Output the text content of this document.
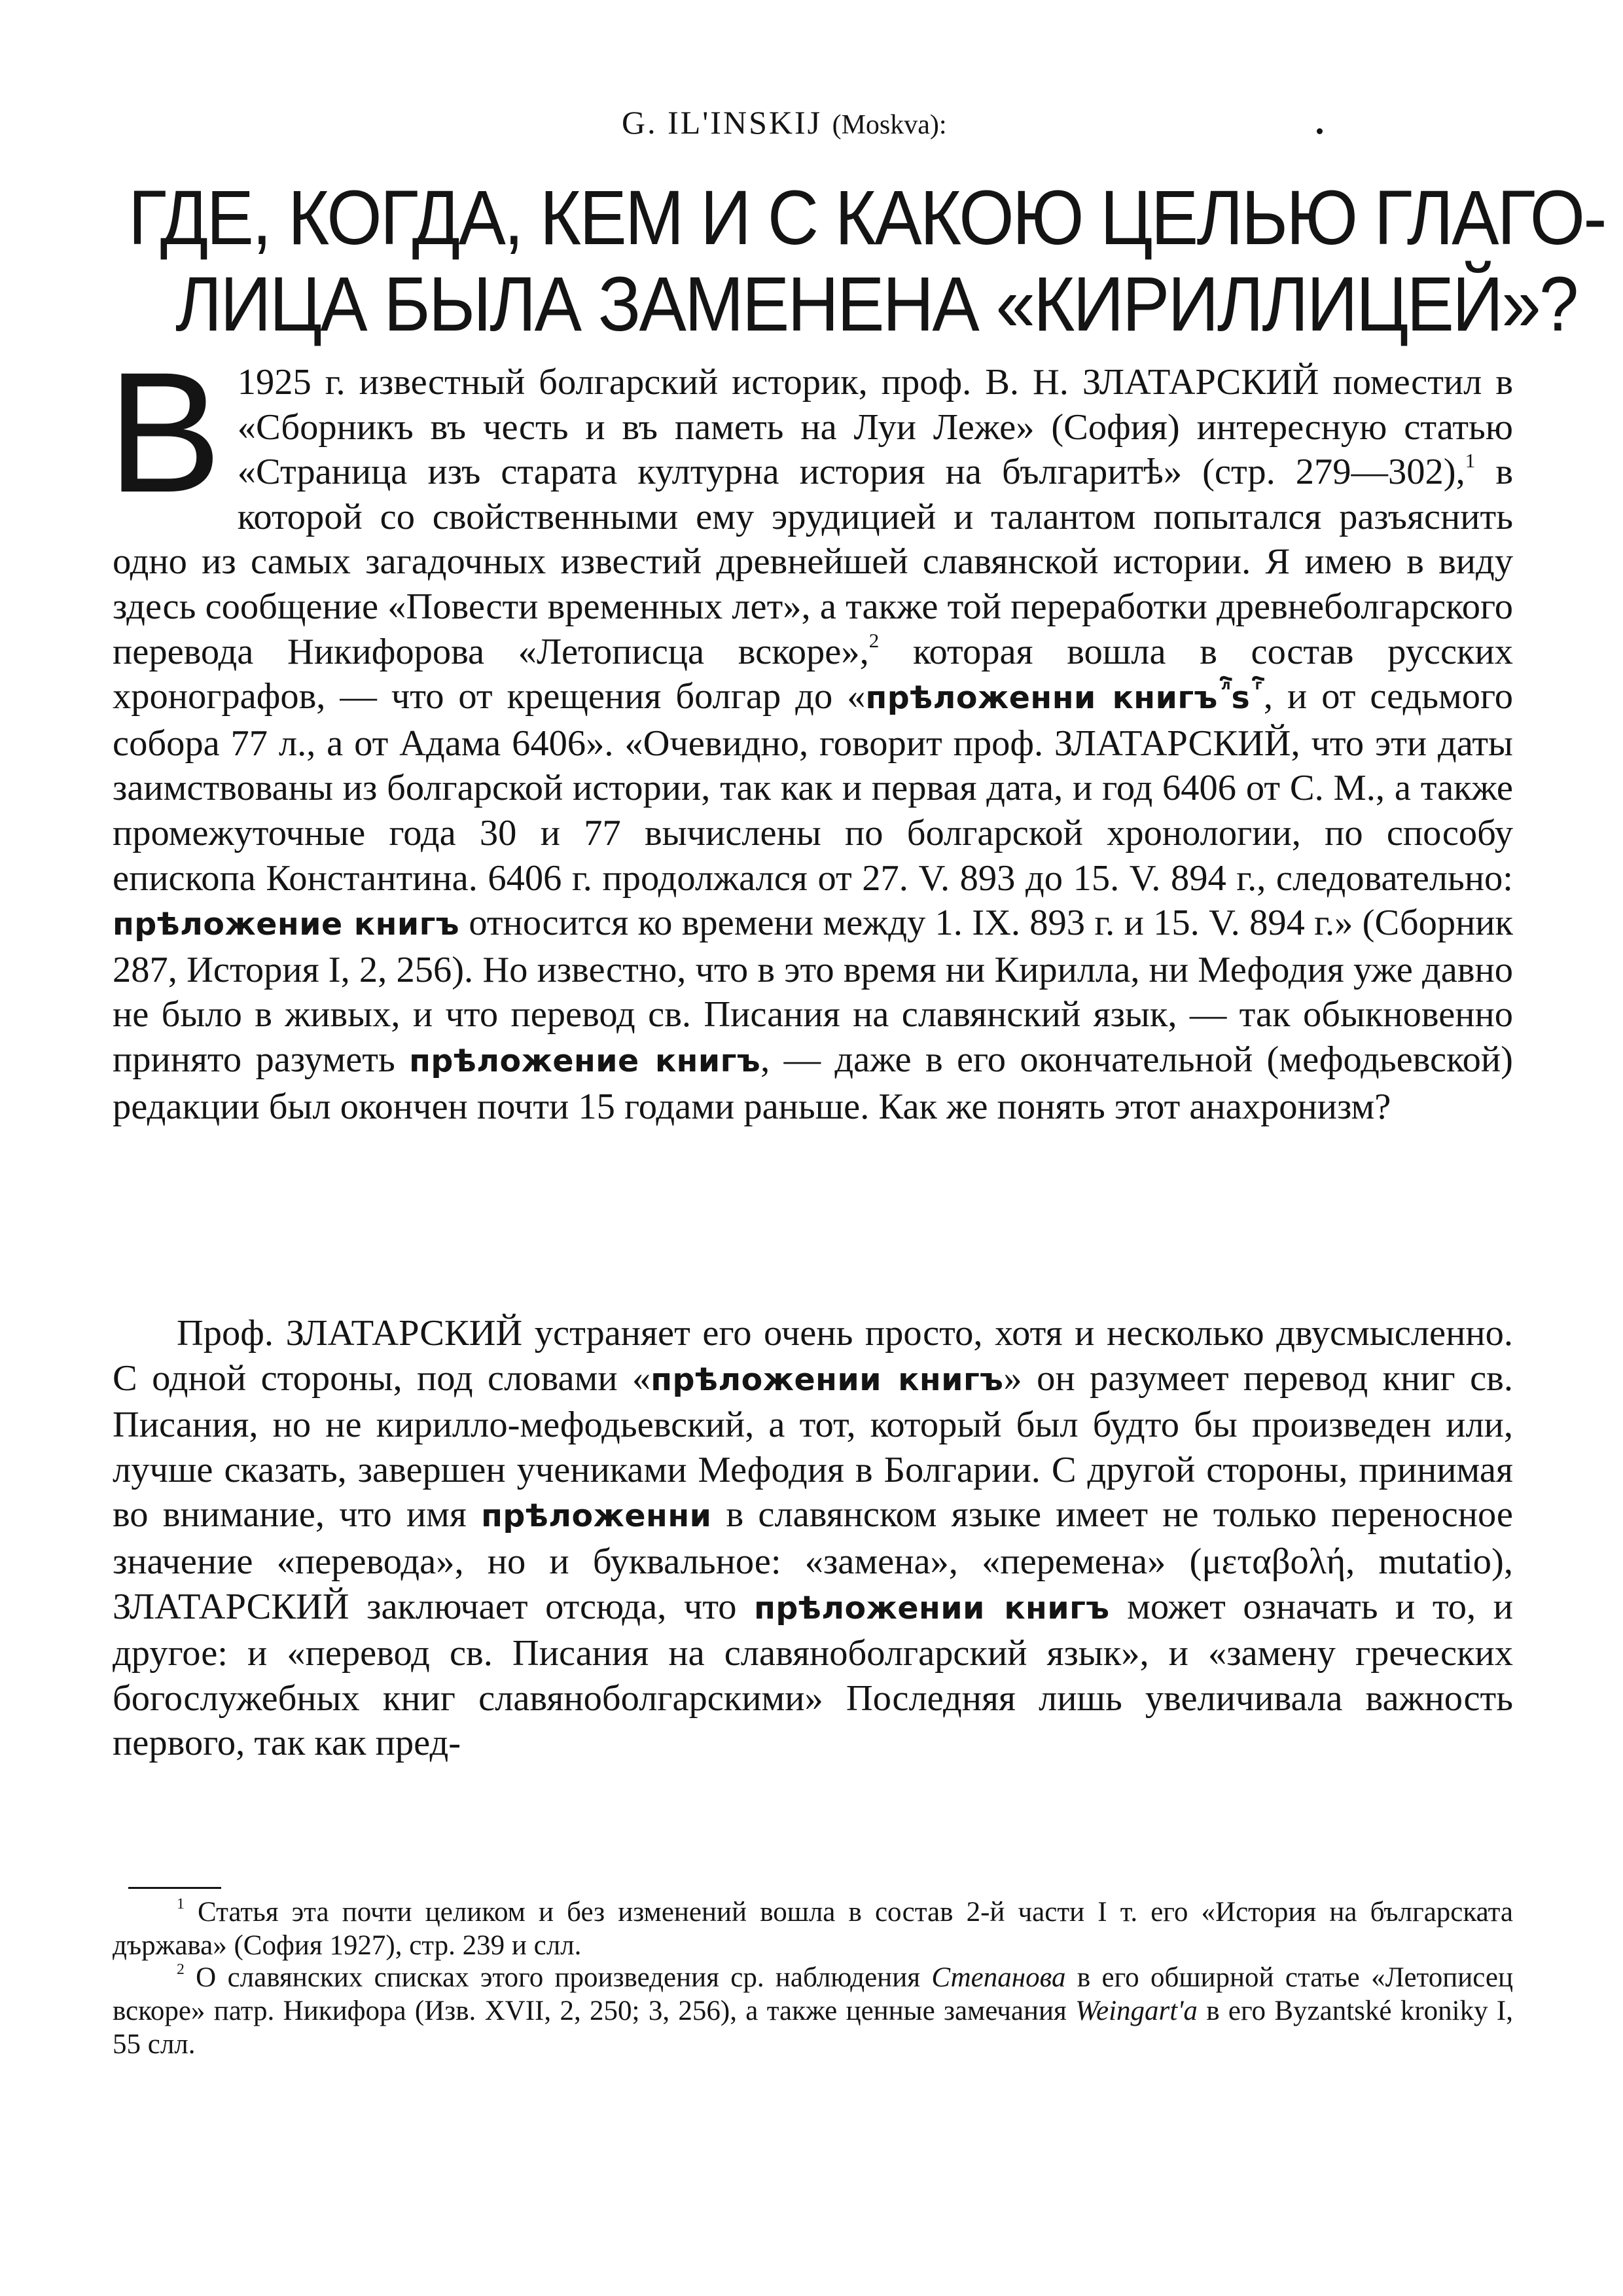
G. IL'INSKIJ (Moskva):
ГДЕ, КОГДА, КЕМ И С КАКОЮ ЦЕЛЬЮ ГЛАГО-
ЛИЦА БЫЛА ЗАМЕНЕНА «КИРИЛЛИЦЕЙ»?
В 1925 г. известный болгарский историк, проф. В. Н. ЗЛАТАРСКИЙ поместил в «Сборникъ въ честь и въ паметь на Луи Леже» (София) интересную статью «Страница изъ старата културна история на българитѣ» (стр. 279—302),$^1$ в которой со свойственными ему эрудицией и талантом попытался разъяснить одно из самых загадочных известий древнейшей славянской истории. Я имею в виду здесь сообщение «Повести временных лет», а также той переработки древнеболгарского перевода Никифорова «Летописца вскоре»,$^2$ которая вошла в состав русских хронографов, — что от крещения болгар до «прѣложенни книгъ ⷧ҇ѕ ⷢ҇, и от седьмого собора 77 л., а от Адама 6406». «Очевидно, говорит проф. ЗЛАТАРСКИЙ, что эти даты заимствованы из болгарской истории, так как и первая дата, и год 6406 от С. М., а также промежуточные года 30 и 77 вычислены по болгарской хронологии, по способу епископа Константина. 6406 г. продолжался от 27. V. 893 до 15. V. 894 г., следовательно: прѣложение книгъ относится ко времени между 1. IX. 893 г. и 15. V. 894 г.» (Сборник 287, История I, 2, 256). Но известно, что в это время ни Кирилла, ни Мефодия уже давно не было в живых, и что перевод св. Писания на славянский язык, — так обыкновенно принято разуметь прѣложение книгъ, — даже в его окончательной (мефодьевской) редакции был окончен почти 15 годами раньше. Как же понять этот анахронизм?
Проф. ЗЛАТАРСКИЙ устраняет его очень просто, хотя и несколько двусмысленно. С одной стороны, под словами «прѣложении книгъ» он разумеет перевод книг св. Писания, но не кирилло-мефодьевский, а тот, который был будто бы произведен или, лучше сказать, завершен учениками Мефодия в Болгарии. С другой стороны, принимая во внимание, что имя прѣложенни в славянском языке имеет не только переносное значение «перевода», но и буквальное: «замена», «перемена» (μεταβολή, mutatio), ЗЛАТАРСКИЙ заключает отсюда, что прѣложении книгъ может означать и то, и другое: и «перевод св. Писания на славяноболгарский язык», и «замену греческих богослужебных книг славяноболгарскими» Последняя лишь увеличивала важность первого, так как пред-
$^1$ Статья эта почти целиком и без изменений вошла в состав 2-й части I т. его «История на българската държава» (София 1927), стр. 239 и слл.
$^2$ О славянских списках этого произведения ср. наблюдения Степанова в его обширной статье «Летописец вскоре» патр. Никифора (Изв. XVII, 2, 250; 3, 256), а также ценные замечания Weingart'a в его Byzantské kroniky I, 55 слл.
